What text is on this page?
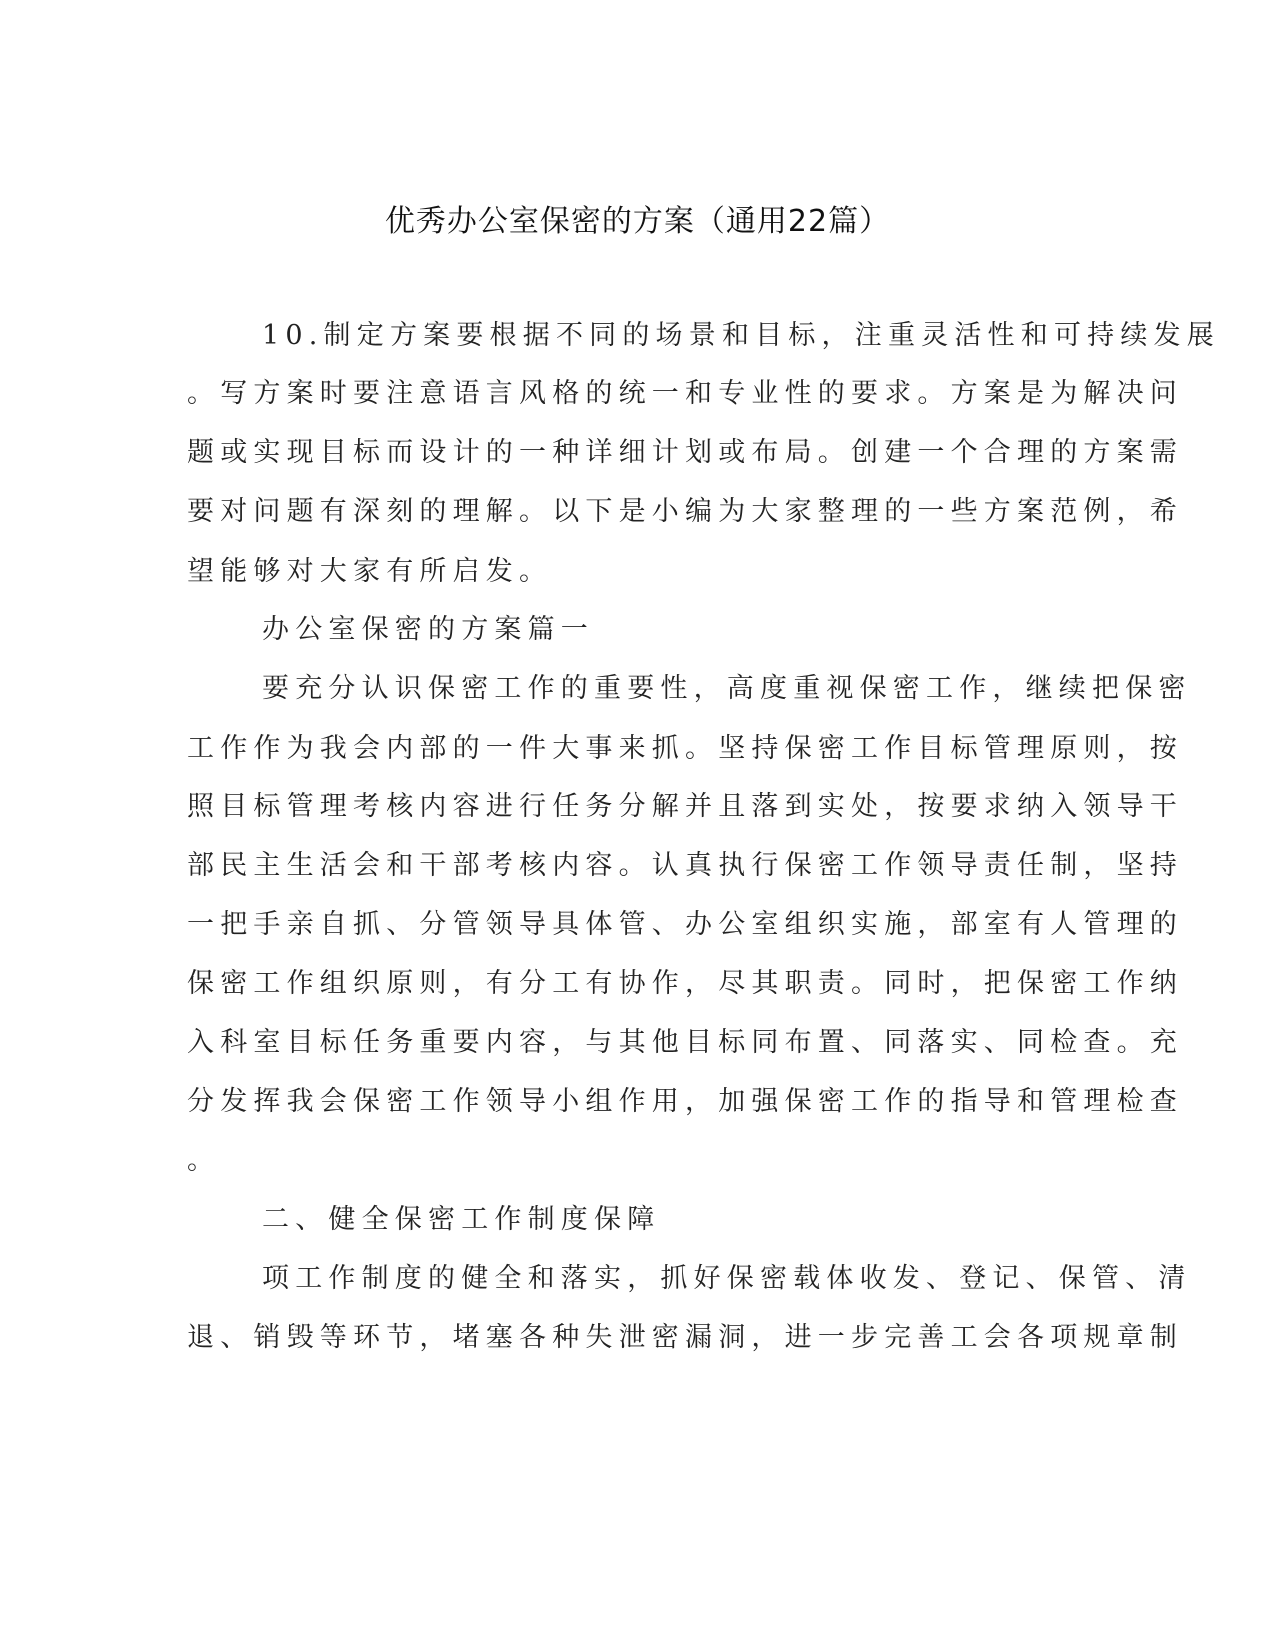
优秀办公室保密的方案（通用22篇）

10.制定方案要根据不同的场景和目标，注重灵活性和可持续发展

。写方案时要注意语言风格的统一和专业性的要求。方案是为解决问

题或实现目标而设计的一种详细计划或布局。创建一个合理的方案需

要对问题有深刻的理解。以下是小编为大家整理的一些方案范例，希

望能够对大家有所启发。

办公室保密的方案篇一

要充分认识保密工作的重要性，高度重视保密工作，继续把保密

工作作为我会内部的一件大事来抓。坚持保密工作目标管理原则，按

照目标管理考核内容进行任务分解并且落到实处，按要求纳入领导干

部民主生活会和干部考核内容。认真执行保密工作领导责任制，坚持

一把手亲自抓、分管领导具体管、办公室组织实施，部室有人管理的

保密工作组织原则，有分工有协作，尽其职责。同时，把保密工作纳

入科室目标任务重要内容，与其他目标同布置、同落实、同检查。充

分发挥我会保密工作领导小组作用，加强保密工作的指导和管理检查

。

二、健全保密工作制度保障

项工作制度的健全和落实，抓好保密载体收发、登记、保管、清

退、销毁等环节，堵塞各种失泄密漏洞，进一步完善工会各项规章制
